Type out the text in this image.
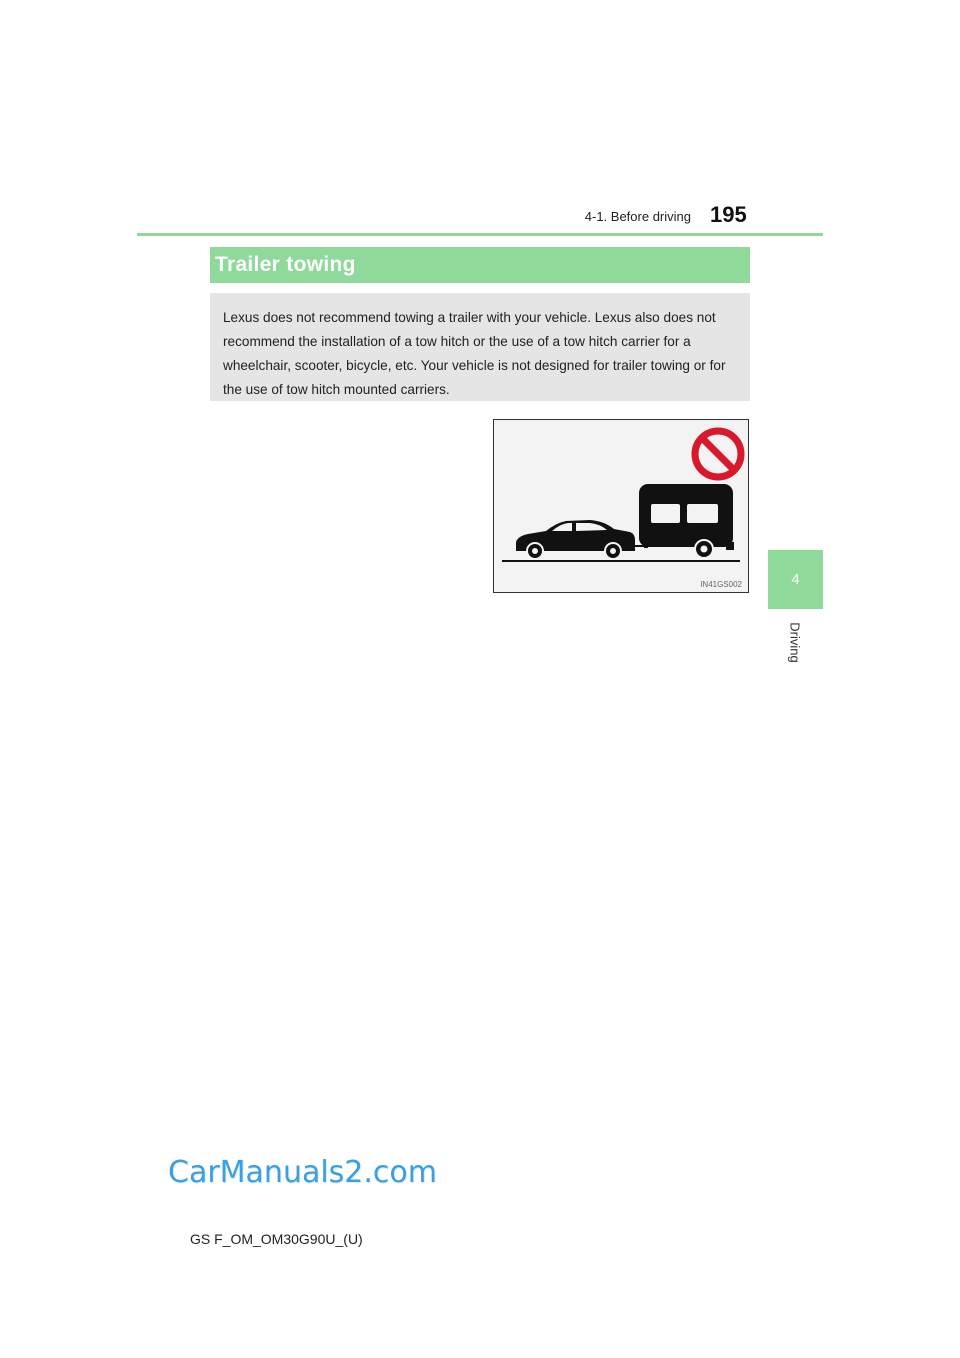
4-1. Before driving 195
4
Driving
Trailer towing
Lexus does not recommend towing a trailer with your vehicle. Lexus also does not recommend the installation of a tow hitch or the use of a tow hitch carrier for a wheelchair, scooter, bicycle, etc. Your vehicle is not designed for trailer towing or for the use of tow hitch mounted carriers.
IN41GS002
CarManuals2.com
GS F_OM_OM30G90U_(U)
